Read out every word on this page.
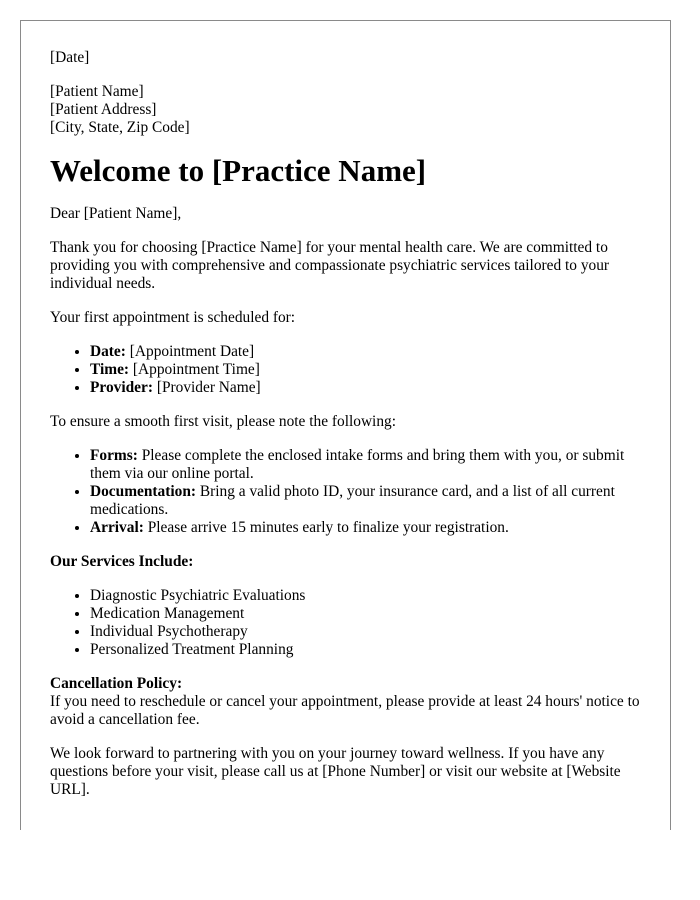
[Date]

[Patient Name]

[Patient Address]

[City, State, Zip Code]

Welcome to [Practice Name]

Dear [Patient Name],

Thank you for choosing [Practice Name] for your mental health care. We are committed to providing you with comprehensive and compassionate psychiatric services tailored to your individual needs.

Your first appointment is scheduled for:

• Date: [Appointment Date]
• Time: [Appointment Time]
• Provider: [Provider Name]

To ensure a smooth first visit, please note the following:

• Forms: Please complete the enclosed intake forms and bring them with you, or submit them via our online portal.
• Documentation: Bring a valid photo ID, your insurance card, and a list of all current medications.
• Arrival: Please arrive 15 minutes early to finalize your registration.

Our Services Include:

• Diagnostic Psychiatric Evaluations
• Medication Management
• Individual Psychotherapy
• Personalized Treatment Planning

Cancellation Policy:

If you need to reschedule or cancel your appointment, please provide at least 24 hours' notice to avoid a cancellation fee.

We look forward to partnering with you on your journey toward wellness. If you have any questions before your visit, please call us at [Phone Number] or visit our website at [Website URL].
